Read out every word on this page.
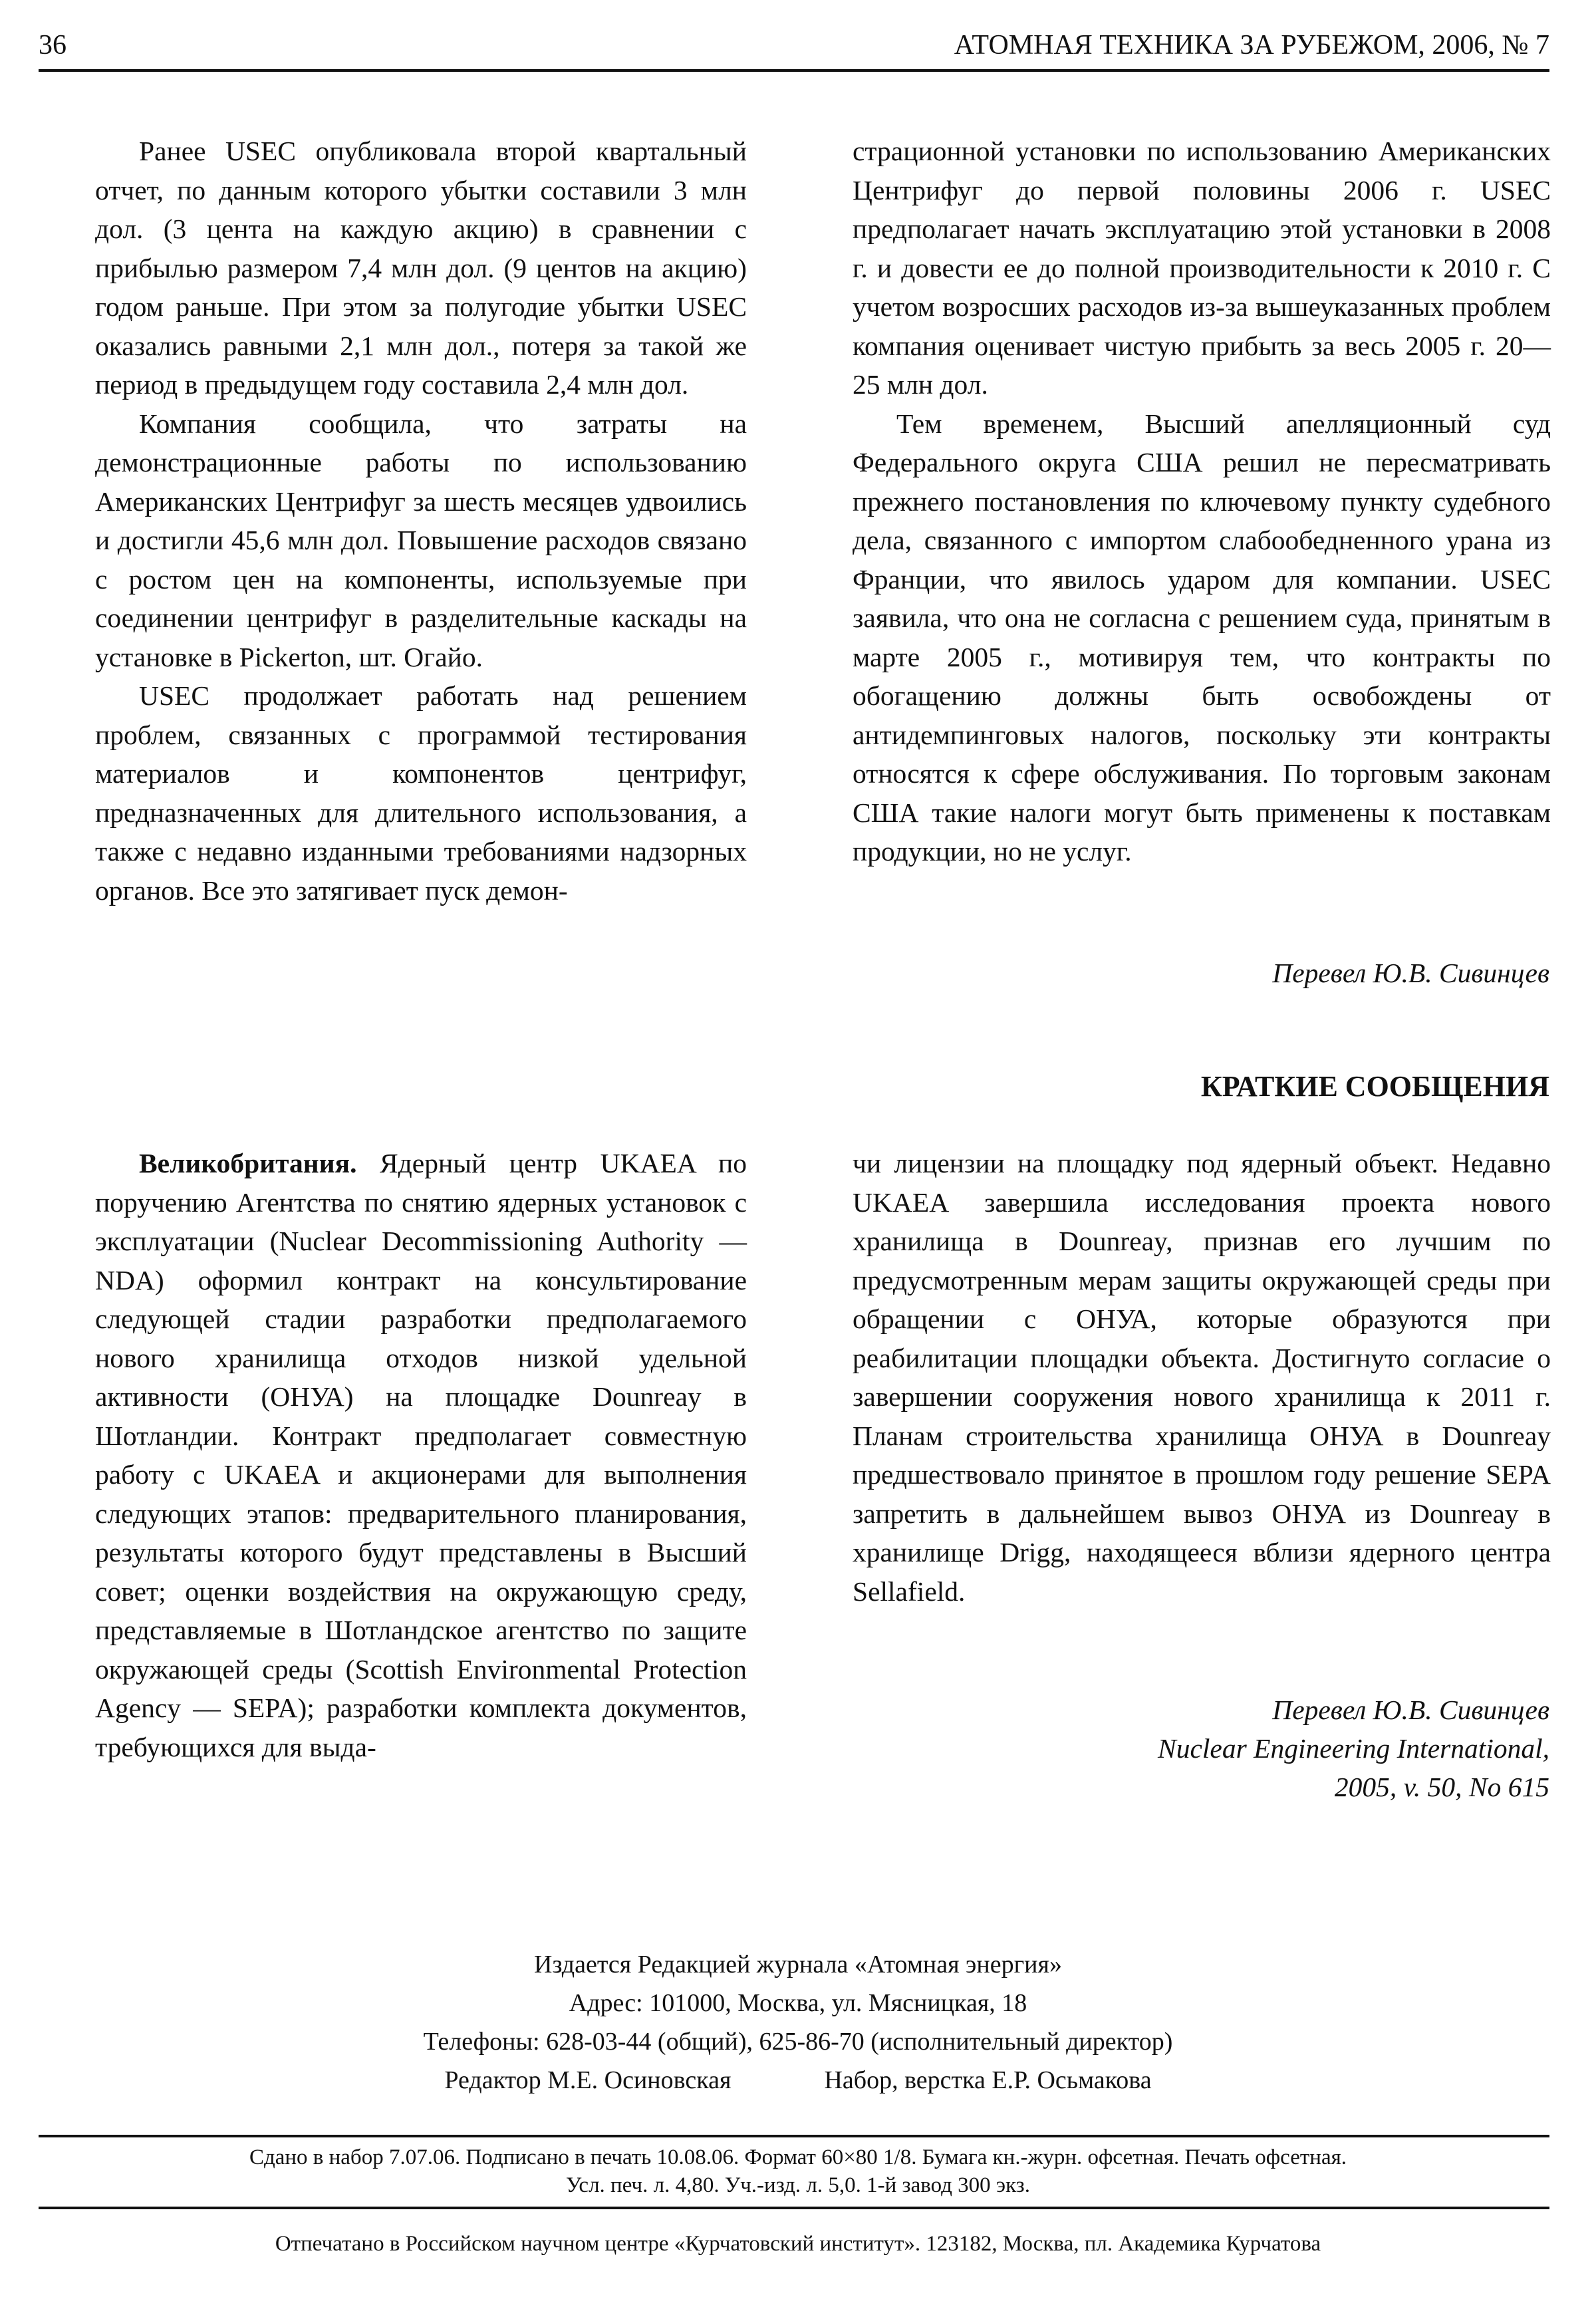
36	АТОМНАЯ ТЕХНИКА ЗА РУБЕЖОМ, 2006, № 7

Ранее USEC опубликовала второй квартальный отчет, по данным которого убытки составили 3 млн дол. (3 цента на каждую акцию) в сравнении с прибылью размером 7,4 млн дол. (9 центов на акцию) годом раньше. При этом за полугодие убытки USEC оказались равными 2,1 млн дол., потеря за такой же период в предыдущем году составила 2,4 млн дол.

Компания сообщила, что затраты на демонстрационные работы по использованию Американских Центрифуг за шесть месяцев удвоились и достигли 45,6 млн дол. Повышение расходов связано с ростом цен на компоненты, используемые при соединении центрифуг в разделительные каскады на установке в Pickerton, шт. Огайо.

USEC продолжает работать над решением проблем, связанных с программой тестирования материалов и компонентов центрифуг, предназначенных для длительного использования, а также с недавно изданными требованиями надзорных органов. Все это затягивает пуск демон-

страционной установки по использованию Американских Центрифуг до первой половины 2006 г. USEC предполагает начать эксплуатацию этой установки в 2008 г. и довести ее до полной производительности к 2010 г. С учетом возросших расходов из-за вышеуказанных проблем компания оценивает чистую прибыть за весь 2005 г. 20—25 млн дол.

Тем временем, Высший апелляционный суд Федерального округа США решил не пересматривать прежнего постановления по ключевому пункту судебного дела, связанного с импортом слабообедненного урана из Франции, что явилось ударом для компании. USEC заявила, что она не согласна с решением суда, принятым в марте 2005 г., мотивируя тем, что контракты по обогащению должны быть освобождены от антидемпинговых налогов, поскольку эти контракты относятся к сфере обслуживания. По торговым законам США такие налоги могут быть применены к поставкам продукции, но не услуг.

Перевел Ю.В. Сивинцев
КРАТКИЕ СООБЩЕНИЯ

Великобритания. Ядерный центр UKAEA по поручению Агентства по снятию ядерных установок с эксплуатации (Nuclear Decommissioning Authority — NDA) оформил контракт на консультирование следующей стадии разработки предполагаемого нового хранилища отходов низкой удельной активности (ОНУА) на площадке Dounreay в Шотландии. Контракт предполагает совместную работу с UKAEA и акционерами для выполнения следующих этапов: предварительного планирования, результаты которого будут представлены в Высший совет; оценки воздействия на окружающую среду, представляемые в Шотландское агентство по защите окружающей среды (Scottish Environmental Protection Agency — SEPA); разработки комплекта документов, требующихся для выда-

чи лицензии на площадку под ядерный объект. Недавно UKAEA завершила исследования проекта нового хранилища в Dounreay, признав его лучшим по предусмотренным мерам защиты окружающей среды при обращении с ОНУА, которые образуются при реабилитации площадки объекта. Достигнуто согласие о завершении сооружения нового хранилища к 2011 г. Планам строительства хранилища ОНУА в Dounreay предшествовало принятое в прошлом году решение SEPA запретить в дальнейшем вывоз ОНУА из Dounreay в хранилище Drigg, находящееся вблизи ядерного центра Sellafield.

Перевел Ю.В. Сивинцев
Nuclear Engineering International,
2005, v. 50, No 615
Издается Редакцией журнала «Атомная энергия»
Адрес: 101000, Москва, ул. Мясницкая, 18
Телефоны: 628-03-44 (общий), 625-86-70 (исполнительный директор)
Редактор М.Е. Осиновская	Набор, верстка Е.Р. Осьмакова
Сдано в набор 7.07.06. Подписано в печать 10.08.06. Формат 60×80 1/8. Бумага кн.-журн. офсетная. Печать офсетная.
Усл. печ. л. 4,80. Уч.-изд. л. 5,0. 1-й завод 300 экз.
Отпечатано в Российском научном центре «Курчатовский институт». 123182, Москва, пл. Академика Курчатова
